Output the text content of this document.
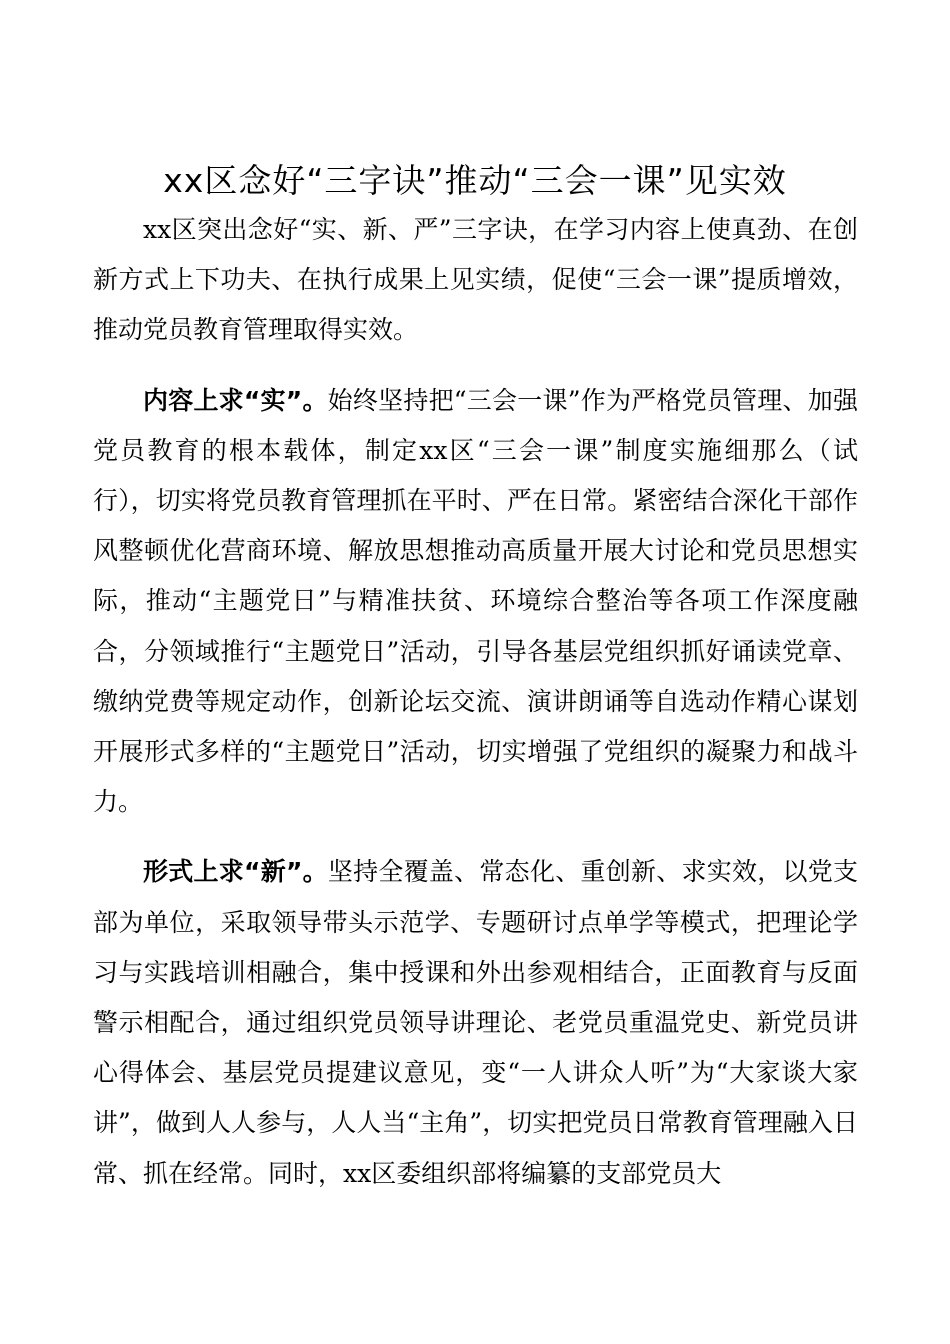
xx区念好“三字诀”推动“三会一课”见实效

xx区突出念好“实、新、严”三字诀，在学习内容上使真劲、在创新方式上下功夫、在执行成果上见实绩，促使“三会一课”提质增效，推动党员教育管理取得实效。

内容上求“实”。始终坚持把“三会一课”作为严格党员管理、加强党员教育的根本载体，制定xx区“三会一课”制度实施细那么（试行），切实将党员教育管理抓在平时、严在日常。紧密结合深化干部作风整顿优化营商环境、解放思想推动高质量开展大讨论和党员思想实际，推动“主题党日”与精准扶贫、环境综合整治等各项工作深度融合，分领域推行“主题党日”活动，引导各基层党组织抓好诵读党章、缴纳党费等规定动作，创新论坛交流、演讲朗诵等自选动作精心谋划开展形式多样的“主题党日”活动，切实增强了党组织的凝聚力和战斗力。

形式上求“新”。坚持全覆盖、常态化、重创新、求实效，以党支部为单位，采取领导带头示范学、专题研讨点单学等模式，把理论学习与实践培训相融合，集中授课和外出参观相结合，正面教育与反面警示相配合，通过组织党员领导讲理论、老党员重温党史、新党员讲心得体会、基层党员提建议意见，变“一人讲众人听”为“大家谈大家讲”，做到人人参与，人人当“主角”，切实把党员日常教育管理融入日常、抓在经常。同时，xx区委组织部将编纂的支部党员大
